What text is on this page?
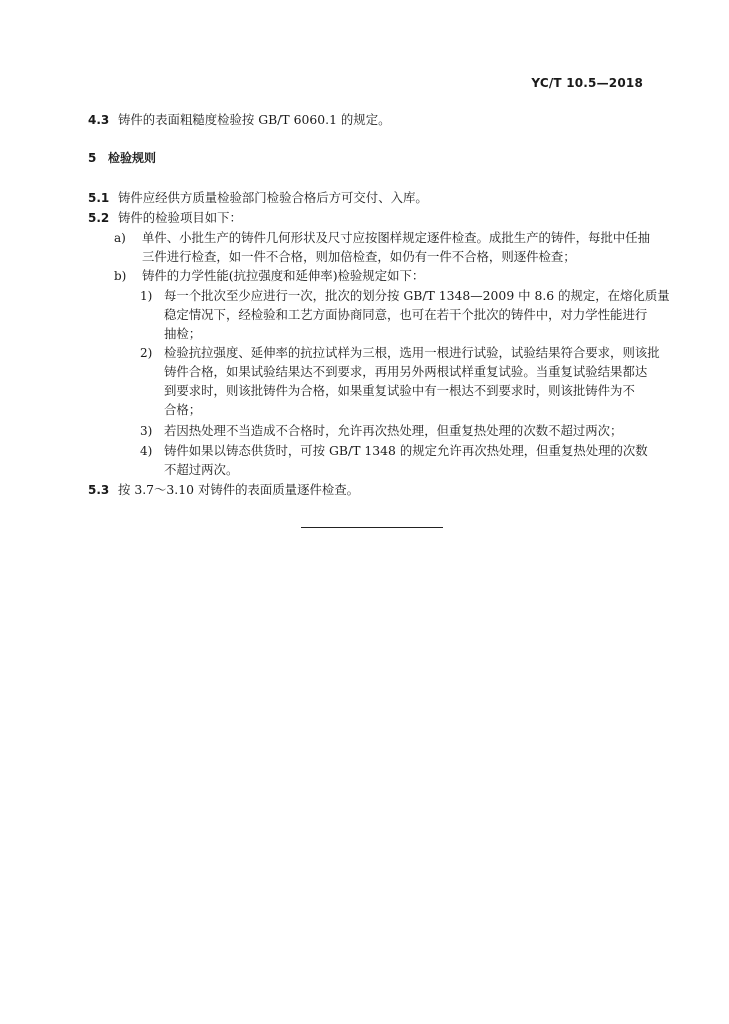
YC/T 10.5—2018
4.3 铸件的表面粗糙度检验按 GB/T 6060.1 的规定。
5 检验规则
5.1 铸件应经供方质量检验部门检验合格后方可交付、入库。
5.2 铸件的检验项目如下：
a) 单件、小批生产的铸件几何形状及尺寸应按图样规定逐件检查。成批生产的铸件，每批中任抽
三件进行检查，如一件不合格，则加倍检查，如仍有一件不合格，则逐件检查；
b) 铸件的力学性能(抗拉强度和延伸率)检验规定如下：
1) 每一个批次至少应进行一次，批次的划分按 GB/T 1348—2009 中 8.6 的规定，在熔化质量
稳定情况下，经检验和工艺方面协商同意，也可在若干个批次的铸件中，对力学性能进行
抽检；
2) 检验抗拉强度、延伸率的抗拉试样为三根，选用一根进行试验，试验结果符合要求，则该批
铸件合格，如果试验结果达不到要求，再用另外两根试样重复试验。当重复试验结果都达
到要求时，则该批铸件为合格，如果重复试验中有一根达不到要求时，则该批铸件为不
合格；
3) 若因热处理不当造成不合格时，允许再次热处理，但重复热处理的次数不超过两次；
4) 铸件如果以铸态供货时，可按 GB/T 1348 的规定允许再次热处理，但重复热处理的次数
不超过两次。
5.3 按 3.7～3.10 对铸件的表面质量逐件检查。
